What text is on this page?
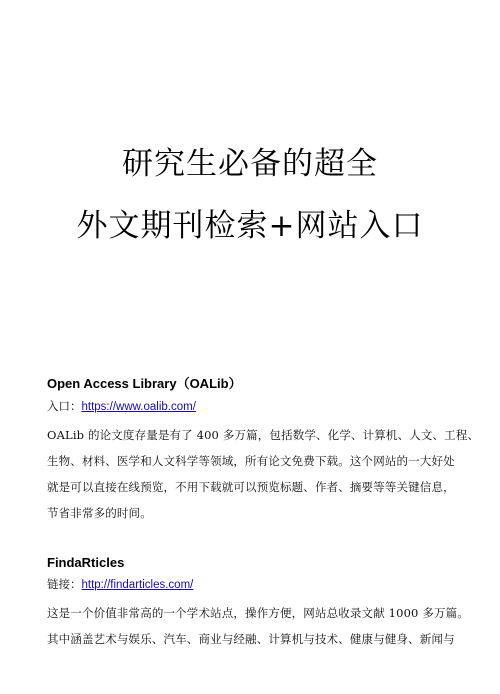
研究生必备的超全
外文期刊检索+网站入口
Open Access Library（OALib）
入口：https://www.oalib.com/
OALib 的论文度存量是有了 400 多万篇，包括数学、化学、计算机、人文、工程、
生物、材料、医学和人文科学等领域，所有论文免费下载。这个网站的一大好处
就是可以直接在线预览，不用下载就可以预览标题、作者、摘要等等关键信息，
节省非常多的时间。
FindaRticles
链接：http://findarticles.com/
这是一个价值非常高的一个学术站点，操作方便，网站总收录文献 1000 多万篇。
其中涵盖艺术与娱乐、汽车、商业与经融、计算机与技术、健康与健身、新闻与
